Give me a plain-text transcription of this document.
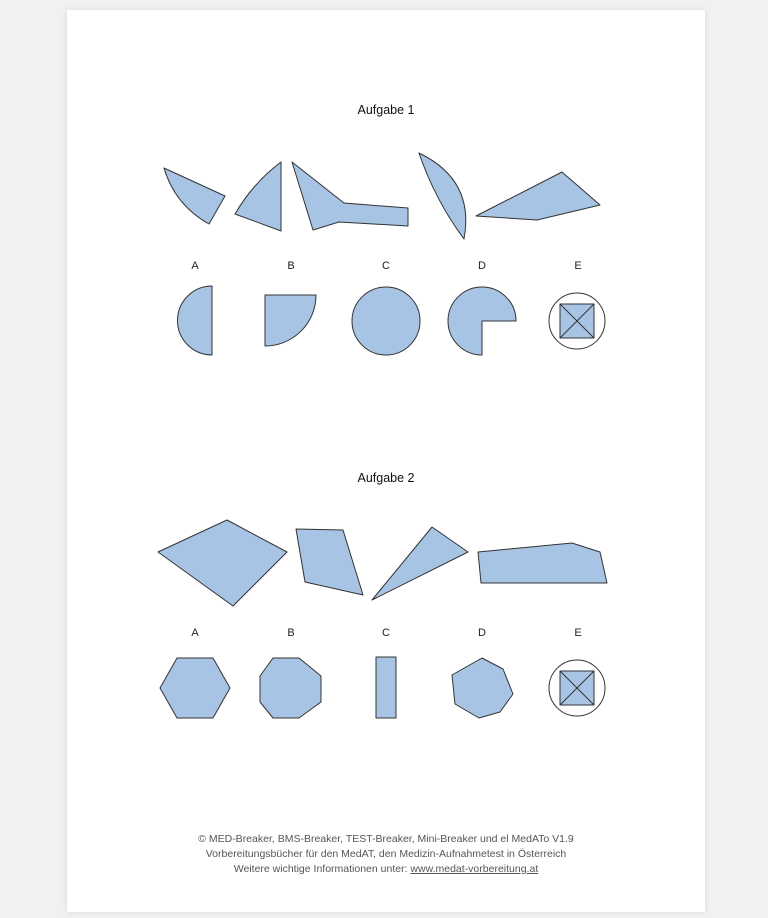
Aufgabe 1
A	B	C	D	E
Aufgabe 2
A	B	C	D	E
© MED-Breaker, BMS-Breaker, TEST-Breaker, Mini-Breaker und el MedATo V1.9
Vorbereitungsbücher für den MedAT, den Medizin-Aufnahmetest in Österreich
Weitere wichtige Informationen unter: www.medat-vorbereitung.at
